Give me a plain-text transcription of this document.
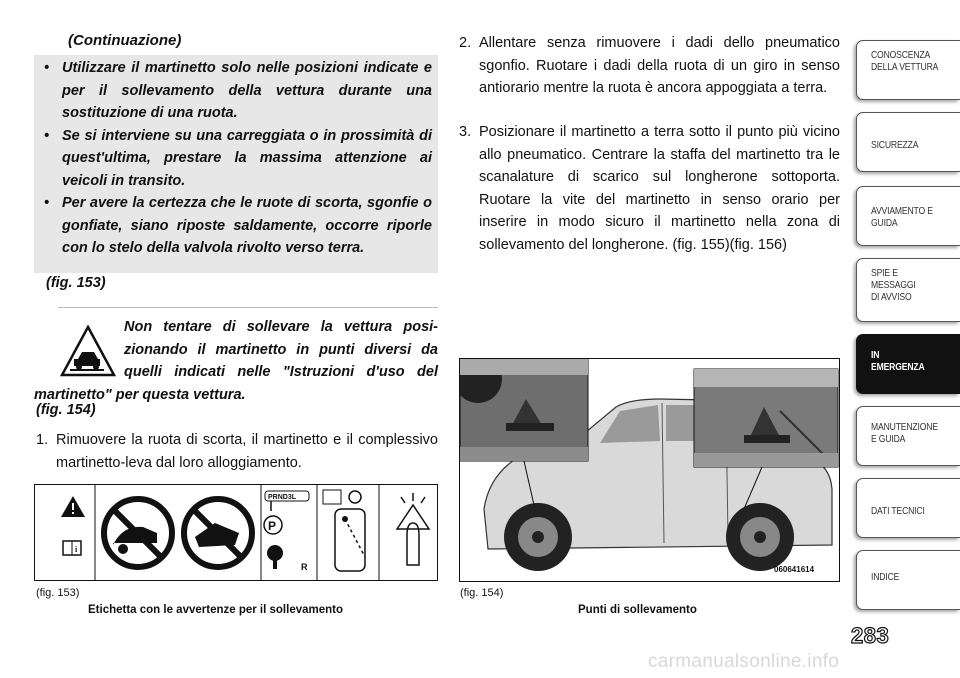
(Continuazione)

• Utilizzare il martinetto solo nelle posizioni indicate e per il sollevamento della vettura durante una sostituzione di una ruota.

• Se si interviene su una carreggiata o in prossimità di quest'ultima, prestare la massima attenzione ai veicoli in transito.

• Per avere la certezza che le ruote di scorta, sgonfie o gonfiate, siano riposte saldamente, occorre riporle con lo stelo della valvola rivolto verso terra.

(fig. 153)
Non tentare di sollevare la vettura posi-
zionando il martinetto in punti diversi da
quelli indicati nelle "Istruzioni d'uso del
martinetto" per questa vettura.
(fig. 154)
1. Rimuovere la ruota di scorta, il martinetto e il complessivo martinetto-leva dal loro alloggiamento.
2. Allentare senza rimuovere i dadi dello pneumatico sgonfio. Ruotare i dadi della ruota di un giro in senso antiorario mentre la ruota è ancora appoggiata a terra.
3. Posizionare il martinetto a terra sotto il punto più vicino allo pneumatico. Centrare la staffa del martinetto tra le scanalature di scarico sul longherone sottoporta. Ruotare la vite del martinetto in senso orario per inserire in modo sicuro il martinetto nella zona di sollevamento del longherone. (fig. 155)(fig. 156)
i
PRND3L
P
R
(fig. 153)
Etichetta con le avvertenze per il sollevamento
060641614
(fig. 154)
Punti di sollevamento
CONOSCENZA
DELLA VETTURA
SICUREZZA
AVVIAMENTO E
GUIDA
SPIE E
MESSAGGI
DI AVVISO
IN
EMERGENZA
MANUTENZIONE
E GUIDA
DATI TECNICI
INDICE
283
carmanualsonline.info
